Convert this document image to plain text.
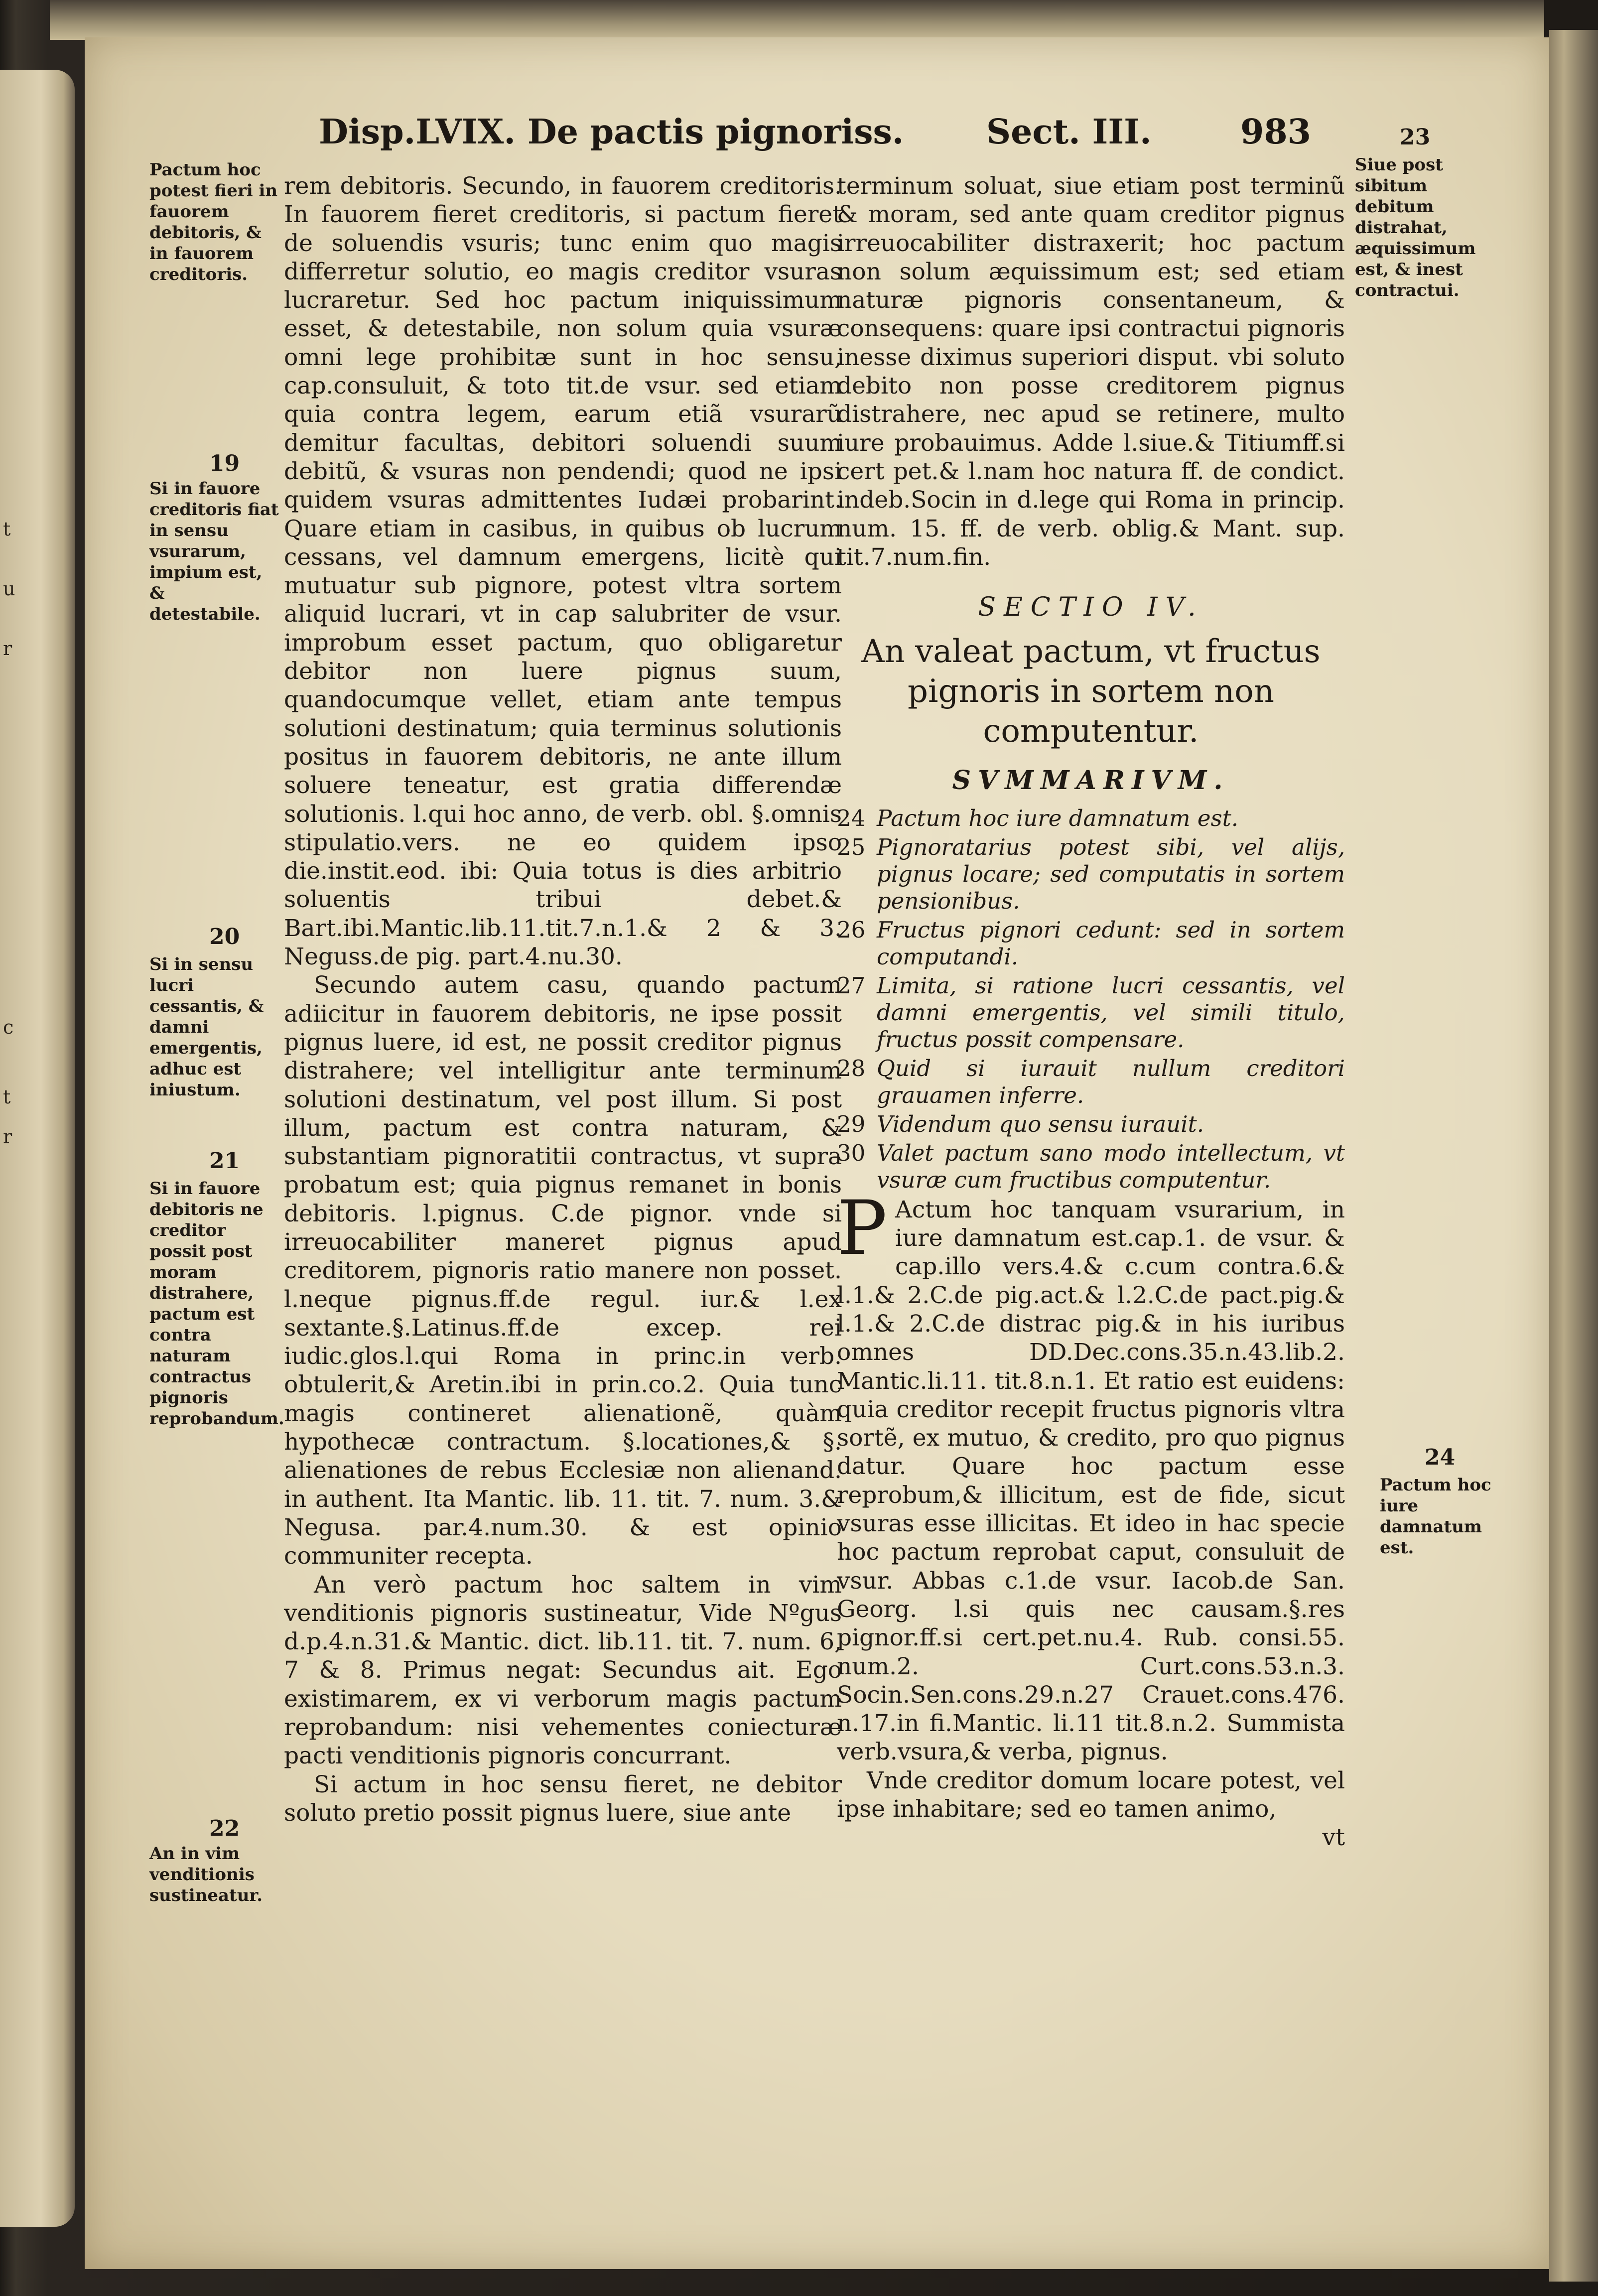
t
u
r
c
t
r
Disp.LVIX. De pactis pignoriss. Sect. III.	983
Pactum hoc potest fieri in fauorem debitoris, & in fauorem creditoris.
19
Si in fauore creditoris fiat in sensu vsurarum, impium est, & detestabile.
20
Si in sensu lucri cessantis, & damni emergentis, adhuc est iniustum.
21
Si in fauore debitoris ne creditor possit post moram distrahere, pactum est contra naturam contractus pignoris reprobandum.
22
An in vim venditionis sustineatur.
23
Siue post sibitum debitum distrahat, æquissimum est, & inest contractui.
24
Pactum hoc iure damnatum est.

rem debitoris. Secundo, in fauorem creditoris. In fauorem fieret creditoris, si pactum fieret de soluendis vsuris; tunc enim quo magis differretur solutio, eo magis creditor vsuras lucraretur. Sed hoc pactum iniquissimum esset, & detestabile, non solum quia vsuræ omni lege prohibitæ sunt in hoc sensu, cap.consuluit, & toto tit.de vsur. sed etiam quia contra legem, earum etiã vsurarũ demitur facultas, debitori soluendi suum debitũ, & vsuras non pendendi; quod ne ipsi quidem vsuras admittentes Iudæi probarint. Quare etiam in casibus, in quibus ob lucrum cessans, vel damnum emergens, licitè qui mutuatur sub pignore, potest vltra sortem aliquid lucrari, vt in cap salubriter de vsur. improbum esset pactum, quo obligaretur debitor non luere pignus suum, quandocumque vellet, etiam ante tempus solutioni destinatum; quia terminus solutionis positus in fauorem debitoris, ne ante illum soluere teneatur, est gratia differendæ solutionis. l.qui hoc anno, de verb. obl. §.omnis stipulatio.vers. ne eo quidem ipso die.instit.eod. ibi: Quia totus is dies arbitrio soluentis tribui debet.& Bart.ibi.Mantic.lib.11.tit.7.n.1.& 2 & 3. Neguss.de pig. part.4.nu.30.

Secundo autem casu, quando pactum adiicitur in fauorem debitoris, ne ipse possit pignus luere, id est, ne possit creditor pignus distrahere; vel intelligitur ante terminum solutioni destinatum, vel post illum. Si post illum, pactum est contra naturam, & substantiam pignoratitii contractus, vt supra probatum est; quia pignus remanet in bonis debitoris. l.pignus. C.de pignor. vnde si irreuocabiliter maneret pignus apud creditorem, pignoris ratio manere non posset. l.neque pignus.ff.de regul. iur.& l.ex sextante.§.Latinus.ff.de excep. rei iudic.glos.l.qui Roma in princ.in verb. obtulerit,& Aretin.ibi in prin.co.2. Quia tunc magis contineret alienationẽ, quàm hypothecæ contractum. §.locationes,& §. alienationes de rebus Ecclesiæ non alienand. in authent. Ita Mantic. lib. 11. tit. 7. num. 3.& Negusa. par.4.num.30. & est opinio communiter recepta.

An verò pactum hoc saltem in vim venditionis pignoris sustineatur, Vide Nºgus d.p.4.n.31.& Mantic. dict. lib.11. tit. 7. num. 6, 7 & 8. Primus negat: Secundus ait. Ego existimarem, ex vi verborum magis pactum reprobandum: nisi vehementes coniecturæ pacti venditionis pignoris concurrant.

Si actum in hoc sensu fieret, ne debitor soluto pretio possit pignus luere, siue ante

terminum soluat, siue etiam post terminũ & moram, sed ante quam creditor pignus irreuocabiliter distraxerit; hoc pactum non solum æquissimum est; sed etiam naturæ pignoris consentaneum, & consequens: quare ipsi contractui pignoris inesse diximus superiori disput. vbi soluto debito non posse creditorem pignus distrahere, nec apud se retinere, multo iure probauimus. Adde l.siue.& Titiumff.si cert pet.& l.nam hoc natura ff. de condict. indeb.Socin in d.lege qui Roma in princip. num. 15. ff. de verb. oblig.& Mant. sup. tit.7.num.fin.

SECTIO IV.
An valeat pactum, vt fructus pignoris in sortem non computentur.
SVMMARIVM.
24 Pactum hoc iure damnatum est.
25 Pignoratarius potest sibi, vel alijs, pignus locare; sed computatis in sortem pensionibus.
26 Fructus pignori cedunt: sed in sortem computandi.
27 Limita, si ratione lucri cessantis, vel damni emergentis, vel simili titulo, fructus possit compensare.
28 Quid si iurauit nullum creditori grauamen inferre.
29 Videndum quo sensu iurauit.
30 Valet pactum sano modo intellectum, vt vsuræ cum fructibus computentur.

P Actum hoc tanquam vsurarium, in iure damnatum est.cap.1. de vsur. & cap.illo vers.4.& c.cum contra.6.& l.1.& 2.C.de pig.act.& l.2.C.de pact.pig.& l.1.& 2.C.de distrac pig.& in his iuribus omnes DD.Dec.cons.35.n.43.lib.2. Mantic.li.11. tit.8.n.1. Et ratio est euidens: quia creditor recepit fructus pignoris vltra sortẽ, ex mutuo, & credito, pro quo pignus datur. Quare hoc pactum esse reprobum,& illicitum, est de fide, sicut vsuras esse illicitas. Et ideo in hac specie hoc pactum reprobat caput, consuluit de vsur. Abbas c.1.de vsur. Iacob.de San. Georg. l.si quis nec causam.§.res pignor.ff.si cert.pet.nu.4. Rub. consi.55. num.2. Curt.cons.53.n.3. Socin.Sen.cons.29.n.27 Crauet.cons.476. n.17.in fi.Mantic. li.11 tit.8.n.2. Summista verb.vsura,& verba, pignus.

Vnde creditor domum locare potest, vel ipse inhabitare; sed eo tamen animo,

vt
